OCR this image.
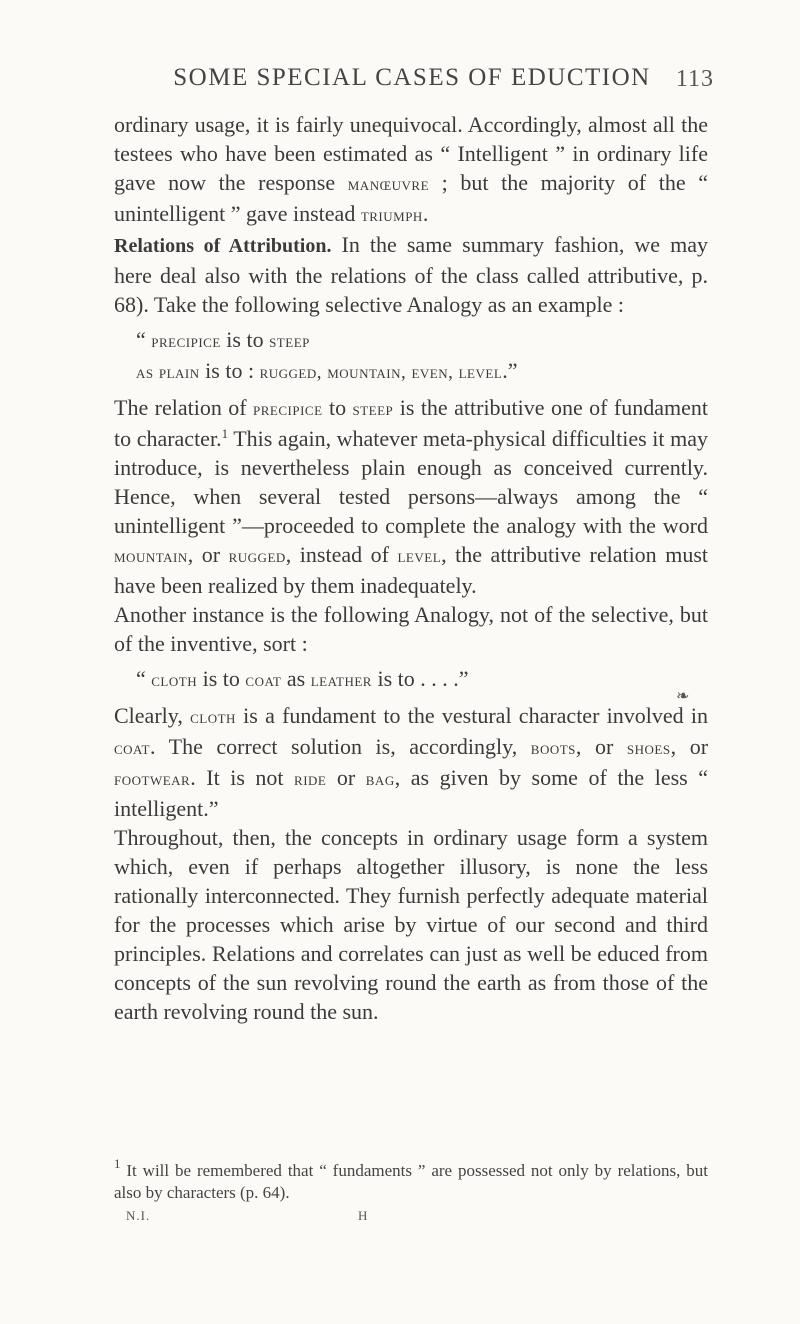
SOME SPECIAL CASES OF EDUCTION	113

ordinary usage, it is fairly unequivocal. Accordingly, almost all the testees who have been estimated as “ Intelligent ” in ordinary life gave now the response manœuvre ; but the majority of the “ unintelligent ” gave instead triumph.

Relations of Attribution. In the same summary fashion, we may here deal also with the relations of the class called attributive, p. 68). Take the following selective Analogy as an example :

“ precipice is to steep
as plain is to : rugged, mountain, even, level.”

The relation of precipice to steep is the attributive one of fundament to character.$^1$ This again, whatever meta-physical difficulties it may introduce, is nevertheless plain enough as conceived currently. Hence, when several tested persons—always among the “ unintelligent ”—proceeded to complete the analogy with the word mountain, or rugged, instead of level, the attributive relation must have been realized by them inadequately.

Another instance is the following Analogy, not of the selective, but of the inventive, sort :

“ cloth is to coat as leather is to . . . .”

Clearly, cloth is a fundament to the vestural character involved in coat. The correct solution is, accordingly, boots, or shoes, or footwear. It is not ride or bag, as given by some of the less “ intelligent.”

Throughout, then, the concepts in ordinary usage form a system which, even if perhaps altogether illusory, is none the less rationally interconnected. They furnish perfectly adequate material for the processes which arise by virtue of our second and third principles. Relations and correlates can just as well be educed from concepts of the sun revolving round the earth as from those of the earth revolving round the sun.

❧

$^1$ It will be remembered that “ fundaments ” are possessed not only by relations, but also by characters (p. 64).

N.I.	H
